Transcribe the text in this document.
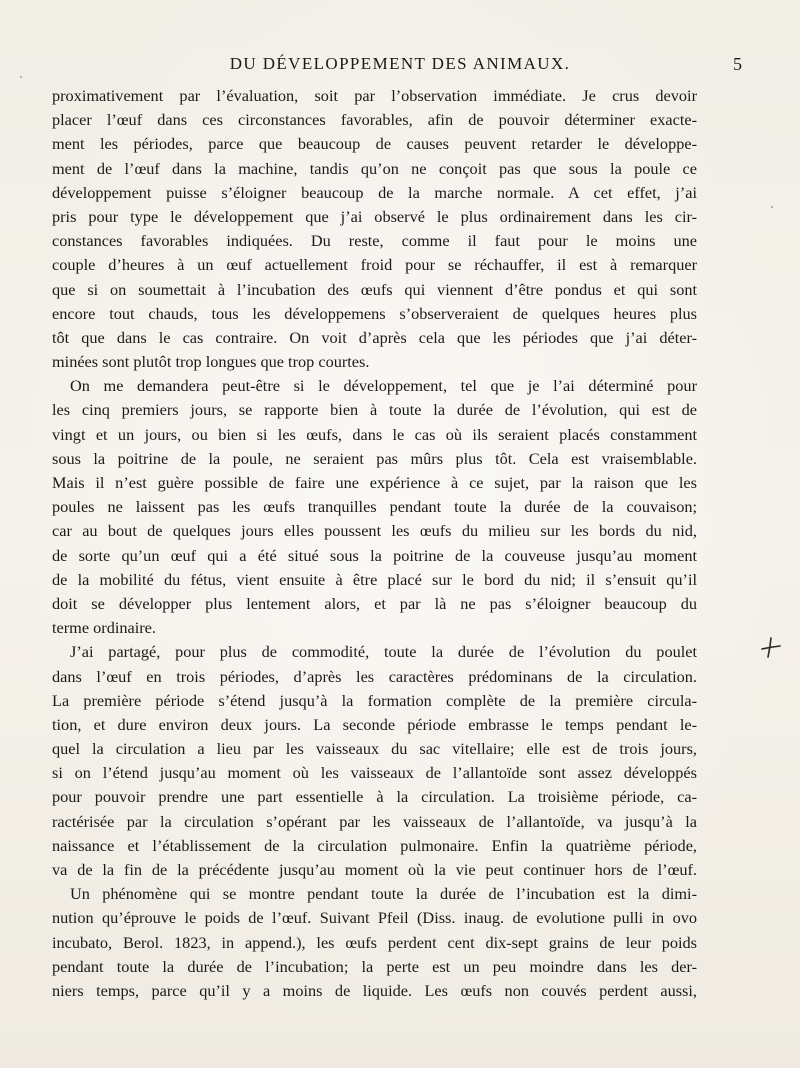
DU DÉVELOPPEMENT DES ANIMAUX.	5
proximativement par l’évaluation, soit par l’observation immédiate. Je crus devoir
placer l’œuf dans ces circonstances favorables, afin de pouvoir déterminer exacte-
ment les périodes, parce que beaucoup de causes peuvent retarder le développe-
ment de l’œuf dans la machine, tandis qu’on ne conçoit pas que sous la poule ce
développement puisse s’éloigner beaucoup de la marche normale. A cet effet, j’ai
pris pour type le développement que j’ai observé le plus ordinairement dans les cir-
constances favorables indiquées. Du reste, comme il faut pour le moins une
couple d’heures à un œuf actuellement froid pour se réchauffer, il est à remarquer
que si on soumettait à l’incubation des œufs qui viennent d’être pondus et qui sont
encore tout chauds, tous les développemens s’observeraient de quelques heures plus
tôt que dans le cas contraire. On voit d’après cela que les périodes que j’ai déter-
minées sont plutôt trop longues que trop courtes.
On me demandera peut-être si le développement, tel que je l’ai déterminé pour
les cinq premiers jours, se rapporte bien à toute la durée de l’évolution, qui est de
vingt et un jours, ou bien si les œufs, dans le cas où ils seraient placés constamment
sous la poitrine de la poule, ne seraient pas mûrs plus tôt. Cela est vraisemblable.
Mais il n’est guère possible de faire une expérience à ce sujet, par la raison que les
poules ne laissent pas les œufs tranquilles pendant toute la durée de la couvaison;
car au bout de quelques jours elles poussent les œufs du milieu sur les bords du nid,
de sorte qu’un œuf qui a été situé sous la poitrine de la couveuse jusqu’au moment
de la mobilité du fétus, vient ensuite à être placé sur le bord du nid; il s’ensuit qu’il
doit se développer plus lentement alors, et par là ne pas s’éloigner beaucoup du
terme ordinaire.
J’ai partagé, pour plus de commodité, toute la durée de l’évolution du poulet
dans l’œuf en trois périodes, d’après les caractères prédominans de la circulation.
La première période s’étend jusqu’à la formation complète de la première circula-
tion, et dure environ deux jours. La seconde période embrasse le temps pendant le-
quel la circulation a lieu par les vaisseaux du sac vitellaire; elle est de trois jours,
si on l’étend jusqu’au moment où les vaisseaux de l’allantoïde sont assez développés
pour pouvoir prendre une part essentielle à la circulation. La troisième période, ca-
ractérisée par la circulation s’opérant par les vaisseaux de l’allantoïde, va jusqu’à la
naissance et l’établissement de la circulation pulmonaire. Enfin la quatrième période,
va de la fin de la précédente jusqu’au moment où la vie peut continuer hors de l’œuf.
Un phénomène qui se montre pendant toute la durée de l’incubation est la dimi-
nution qu’éprouve le poids de l’œuf. Suivant Pfeil (Diss. inaug. de evolutione pulli in ovo
incubato, Berol. 1823, in append.), les œufs perdent cent dix-sept grains de leur poids
pendant toute la durée de l’incubation; la perte est un peu moindre dans les der-
niers temps, parce qu’il y a moins de liquide. Les œufs non couvés perdent aussi,
